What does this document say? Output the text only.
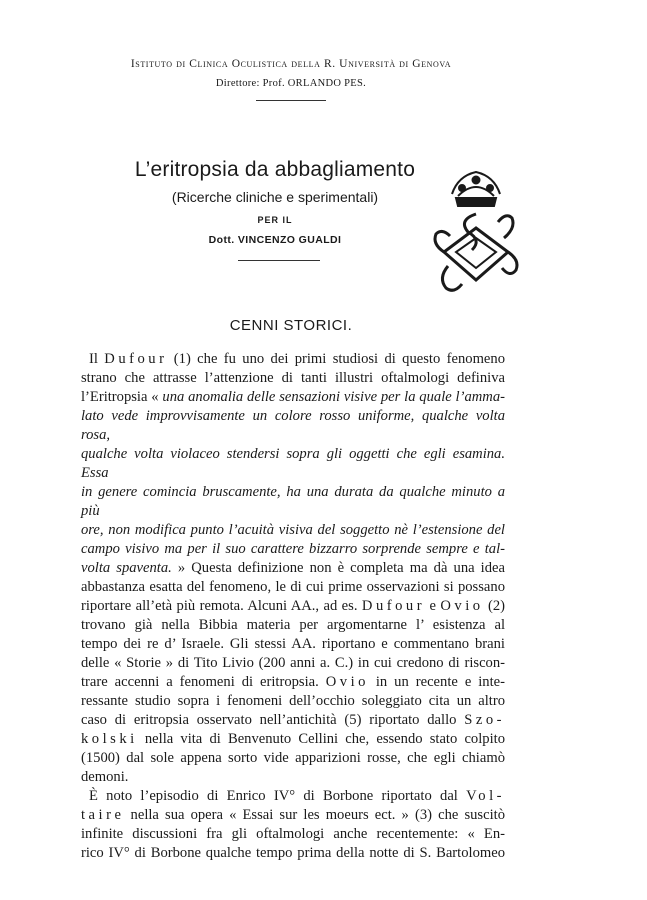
Istituto di Clinica Oculistica della R. Università di Genova
Direttore: Prof. ORLANDO PES.
L’eritropsia da abbagliamento
(Ricerche cliniche e sperimentali)
PER IL
Dott. VINCENZO GUALDI
CENNI STORICI.

Il Dufour (1) che fu uno dei primi studiosi di questo fenomeno

strano che attrasse l’attenzione di tanti illustri oftalmologi definiva

l’Eritropsia « una anomalia delle sensazioni visive per la quale l’amma-

lato vede improvvisamente un colore rosso uniforme, qualche volta rosa,

qualche volta violaceo stendersi sopra gli oggetti che egli esamina. Essa

in genere comincia bruscamente, ha una durata da qualche minuto a più

ore, non modifica punto l’acuità visiva del soggetto nè l’estensione del

campo visivo ma per il suo carattere bizzarro sorprende sempre e tal-

volta spaventa. » Questa definizione non è completa ma dà una idea

abbastanza esatta del fenomeno, le di cui prime osservazioni si possano

riportare all’età più remota. Alcuni AA., ad es. Dufour e Ovio (2)

trovano già nella Bibbia materia per argomentarne l’ esistenza al

tempo dei re d’ Israele. Gli stessi AA. riportano e commentano brani

delle « Storie » di Tito Livio (200 anni a. C.) in cui credono di riscon-

trare accenni a fenomeni di eritropsia. Ovio in un recente e inte-

ressante studio sopra i fenomeni dell’occhio soleggiato cita un altro

caso di eritropsia osservato nell’antichità (5) riportato dallo Szo-

kolski nella vita di Benvenuto Cellini che, essendo stato colpito

(1500) dal sole appena sorto vide apparizioni rosse, che egli chiamò

demoni.

È noto l’episodio di Enrico IV° di Borbone riportato dal Vol-

taire nella sua opera « Essai sur les moeurs ect. » (3) che suscitò

infinite discussioni fra gli oftalmologi anche recentemente: « En-

rico IV° di Borbone qualche tempo prima della notte di S. Bartolomeo
